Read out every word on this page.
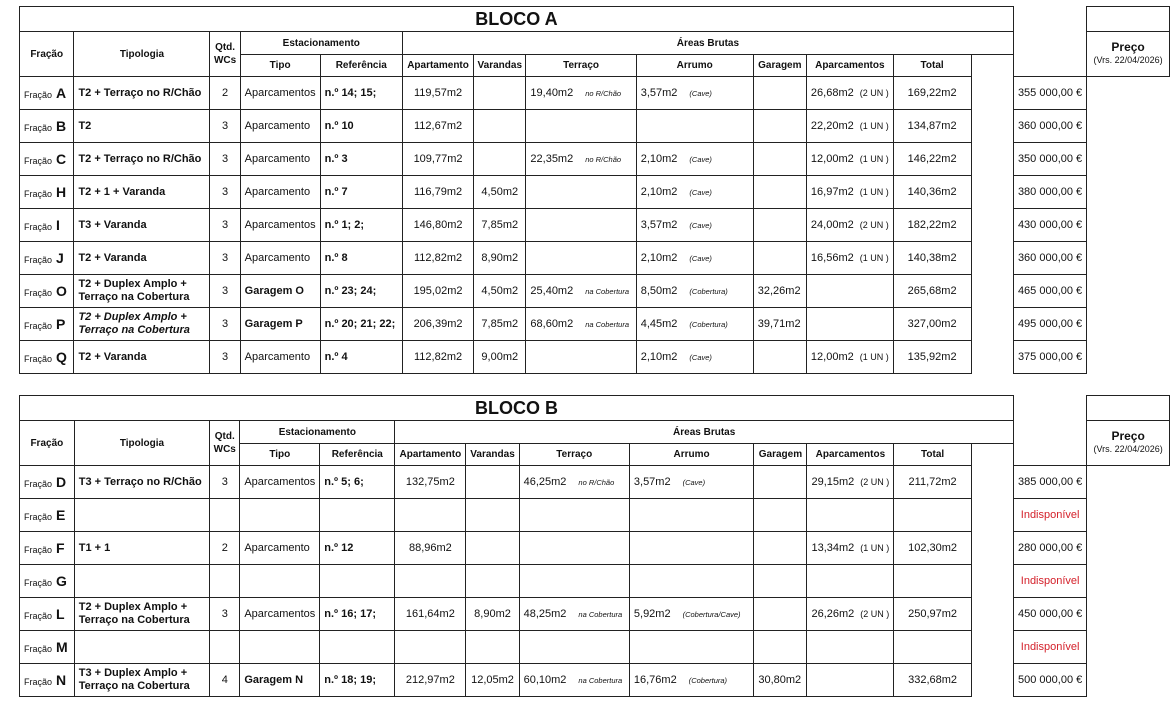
BLOCO A														
Fração	Tipologia	Qtd.
WCs	Estacionamento		Áreas Brutas									Preço
(Vrs. 22/04/2026)

			Tipo	Referência	Apartamento	Varandas	Terraço	Arrumo	Garagem	Aparcamentos	Total			
Fração A	T2 + Terraço no R/Chão	2	Aparcamentos	n.º 14; 15;	119,57m2		19,40m2 no R/Chão	3,57m2 (Cave)		26,68m2 (2 UN )	169,22m2		355 000,00 €	
Fração B	T2	3	Aparcamento	n.º 10	112,67m2					22,20m2 (1 UN )	134,87m2		360 000,00 €	
Fração C	T2 + Terraço no R/Chão	3	Aparcamento	n.º 3	109,77m2		22,35m2 no R/Chão	2,10m2 (Cave)		12,00m2 (1 UN )	146,22m2		350 000,00 €	
Fração H	T2 + 1 + Varanda	3	Aparcamento	n.º 7	116,79m2	4,50m2		2,10m2 (Cave)		16,97m2 (1 UN )	140,36m2		380 000,00 €	
Fração I	T3 + Varanda	3	Aparcamentos	n.º 1; 2;	146,80m2	7,85m2		3,57m2 (Cave)		24,00m2 (2 UN )	182,22m2		430 000,00 €	
Fração J	T2 + Varanda	3	Aparcamento	n.º 8	112,82m2	8,90m2		2,10m2 (Cave)		16,56m2 (1 UN )	140,38m2		360 000,00 €	
Fração O	T2 + Duplex Amplo + Terraço na Cobertura	3	Garagem O	n.º 23; 24;	195,02m2	4,50m2	25,40m2 na Cobertura	8,50m2 (Cobertura)	32,26m2		265,68m2		465 000,00 €	
Fração P	T2 + Duplex Amplo + Terraço na Cobertura	3	Garagem P	n.º 20; 21; 22;	206,39m2	7,85m2	68,60m2 na Cobertura	4,45m2 (Cobertura)	39,71m2		327,00m2		495 000,00 €	
Fração Q	T2 + Varanda	3	Aparcamento	n.º 4	112,82m2	9,00m2		2,10m2 (Cave)		12,00m2 (1 UN )	135,92m2		375 000,00 €	
BLOCO B														
Fração	Tipologia	Qtd.
WCs	Estacionamento		Áreas Brutas									Preço
(Vrs. 22/04/2026)

			Tipo	Referência	Apartamento	Varandas	Terraço	Arrumo	Garagem	Aparcamentos	Total			
Fração D	T3 + Terraço no R/Chão	3	Aparcamentos	n.º 5; 6;	132,75m2		46,25m2 no R/Chão	3,57m2 (Cave)		29,15m2 (2 UN )	211,72m2		385 000,00 €	
Fração E													Indisponível	
Fração F	T1 + 1	2	Aparcamento	n.º 12	88,96m2					13,34m2 (1 UN )	102,30m2		280 000,00 €	
Fração G													Indisponível	
Fração L	T2 + Duplex Amplo + Terraço na Cobertura	3	Aparcamentos	n.º 16; 17;	161,64m2	8,90m2	48,25m2 na Cobertura	5,92m2 (Cobertura/Cave)		26,26m2 (2 UN )	250,97m2		450 000,00 €	
Fração M													Indisponível	
Fração N	T3 + Duplex Amplo + Terraço na Cobertura	4	Garagem N	n.º 18; 19;	212,97m2	12,05m2	60,10m2 na Cobertura	16,76m2 (Cobertura)	30,80m2		332,68m2		500 000,00 €	
